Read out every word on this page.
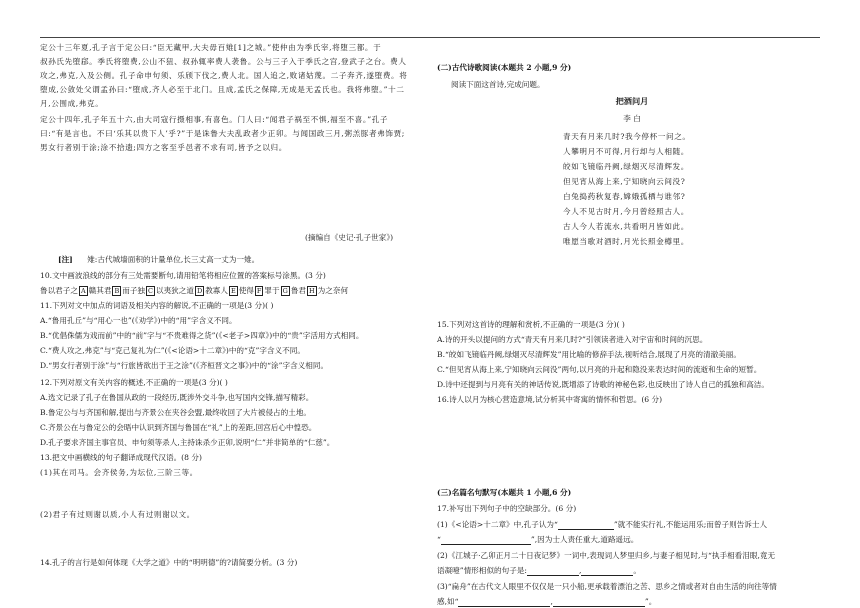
定公十三年夏,孔子言于定公曰:“臣无藏甲,大夫毋百雉[1]之城。”使仲由为季氏宰,将堕三都。于
叔孙氏先堕郈。季氏将堕费,公山不狃、叔孙辄率费人袭鲁。公与三子入于季氏之宫,登武子之台。费人
攻之,弗克,入及公侧。孔子命申句须、乐颀下伐之,费人北。国人追之,败诸姑蔑。二子奔齐,遂堕费。将
堕成,公敛处父谓孟孙曰:“堕成,齐人必至于北门。且成,孟氏之保障,无成是无孟氏也。我将弗堕。”十二
月,公围成,弗克。
定公十四年,孔子年五十六,由大司寇行摄相事,有喜色。门人曰:“闻君子祸至不惧,福至不喜。”孔子
曰:“有是言也。不曰‘乐其以贵下人’乎?”于是诛鲁大夫乱政者少正卯。与闻国政三月,粥羔豚者弗饰贾;
男女行者别于涂;涂不拾遗;四方之客至乎邑者不求有司,皆予之以归。
(摘编自《史记·孔子世家》)
[注] 雉:古代城墙面积的计量单位,长三丈高一丈为一雉。
10.文中画波浪线的部分有三处需要断句,请用铅笔将相应位置的答案标号涂黑。(3 分)
鲁以君子之 A 赣其君 B 而子独 C 以夷狄之道 D 教寡人 E 使得 F 罪于 G 鲁君 H 为之奈何
11.下列对文中加点的词语及相关内容的解说,不正确的一项是(3 分)( )
A.“鲁用孔丘”与“用心一也”(《劝学》)中的“用”字含义不同。
B.“优倡侏儒为戏而前”中的“前”字与“不贵难得之货”(《<老子>四章》)中的“贵”字活用方式相同。
C.“费人攻之,弗克”与“克己复礼为仁”(《<论语>十二章》)中的“克”字含义不同。
D.“男女行者别于涂”与“行旅皆欲出于王之涂”(《齐桓晋文之事》)中的“涂”字含义相同。
12.下列对原文有关内容的概述,不正确的一项是(3 分)( )
A.选文记录了孔子在鲁国从政的一段经历,既涉外交斗争,也写国内交锋,描写精彩。
B.鲁定公与与齐国和解,提出与齐景公在夹谷会盟,最终收回了大片被侵占的土地。
C.齐景公在与鲁定公的会晤中认识到齐国与鲁国在“礼”上的差距,回宫后心中惶恐。
D.孔子要求齐国主事官员、申句须等杀人,主持诛杀少正卯,说明“仁”并非简单的“仁慈”。
13.把文中画横线的句子翻译成现代汉语。(8 分)
(1)其在司马。会齐侯务,为坛位,三阶三等。
(2)君子有过则谢以质,小人有过则谢以文。
14.孔子的言行是如何体现《大学之道》中的“明明德”的?请简要分析。(3 分)
(二)古代诗歌阅读(本题共 2 小题,9 分)
阅读下面这首诗,完成问题。
把酒问月
李 白
青天有月来几时?我今停杯一问之。
人攀明月不可得,月行却与人相随。
皎如飞镜临丹阙,绿烟灭尽清辉发。
但见宵从海上来,宁知晓向云间没?
白兔捣药秋复春,嫦娥孤栖与谁邻?
今人不见古时月,今月曾经照古人。
古人今人若流水,共看明月皆如此。
唯愿当歌对酒时,月光长照金樽里。
15.下列对这首诗的理解和赏析,不正确的一项是(3 分)( )
A.诗的开头以提问的方式“青天有月来几时?”引领读者进入对宇宙和时间的沉思。
B.“皎如飞镜临丹阙,绿烟灭尽清辉发”用比喻的修辞手法,视听结合,展现了月亮的清澈美丽。
C.“但见宵从海上来,宁知晓向云间没”两句,以月亮的升起和隐没来表达时间的流逝和生命的短暂。
D.诗中还提到与月亮有关的神话传说,既增添了诗歌的神秘色彩,也反映出了诗人自己的孤独和高洁。
16.诗人以月为核心营造意境,试分析其中寄寓的情怀和哲思。(6 分)
(三)名篇名句默写(本题共 1 小题,6 分)
17.补写出下列句子中的空缺部分。(6 分)
(1)《<论语>十二章》中,孔子认为“	”就不能实行礼,不能运用乐;而曾子则告诉士人
“	”,因为士人责任重大,道路遥远。
(2)《江城子·乙卯正月二十日夜记梦》一词中,表现词人梦里归乡,与妻子相见时,与“执手相看泪眼,竟无
语凝噎”情形相似的句子是:	,	。
(3)“扁舟”在古代文人眼里不仅仅是一只小船,更承载着漂泊之苦、思乡之情或者对自由生活的向往等情
感,如“	,	”。
